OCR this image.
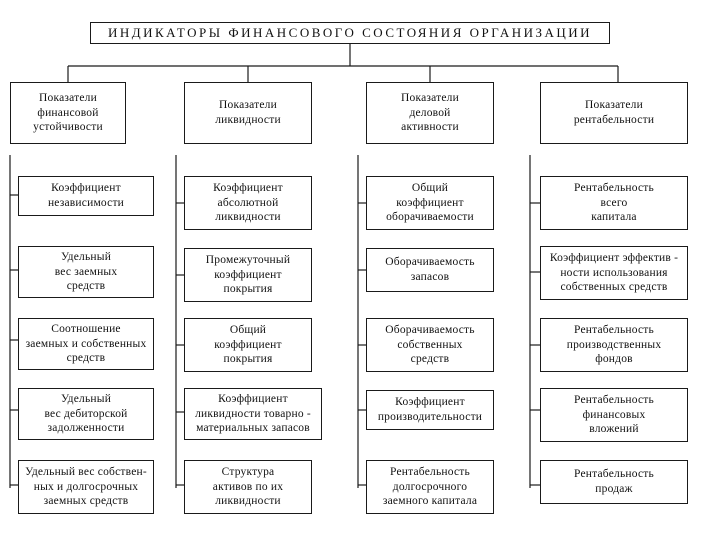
ИНДИКАТОРЫ ФИНАНСОВОГО СОСТОЯНИЯ ОРГАНИЗАЦИИ
Показатели
финансовой
устойчивости
Показатели
ликвидности
Показатели
деловой
активности
Показатели
рентабельности
Коэффициент
независимости
Удельный
вес заемных
средств
Соотношение
заемных и собственных
средств
Удельный
вес дебиторской
задолженности
Удельный вес собствен-
ных и долгосрочных
заемных средств
Коэффициент
абсолютной
ликвидности
Промежуточный
коэффициент
покрытия
Общий
коэффициент
покрытия
Коэффициент
ликвидности товарно -
материальных запасов
Структура
активов по их
ликвидности
Общий
коэффициент
оборачиваемости
Оборачиваемость
запасов
Оборачиваемость
собственных
средств
Коэффициент
производительности
Рентабельность
долгосрочного
заемного капитала
Рентабельность
всего
капитала
Коэффициент эффектив -
ности использования
собственных средств
Рентабельность
производственных
фондов
Рентабельность
финансовых
вложений
Рентабельность
продаж
